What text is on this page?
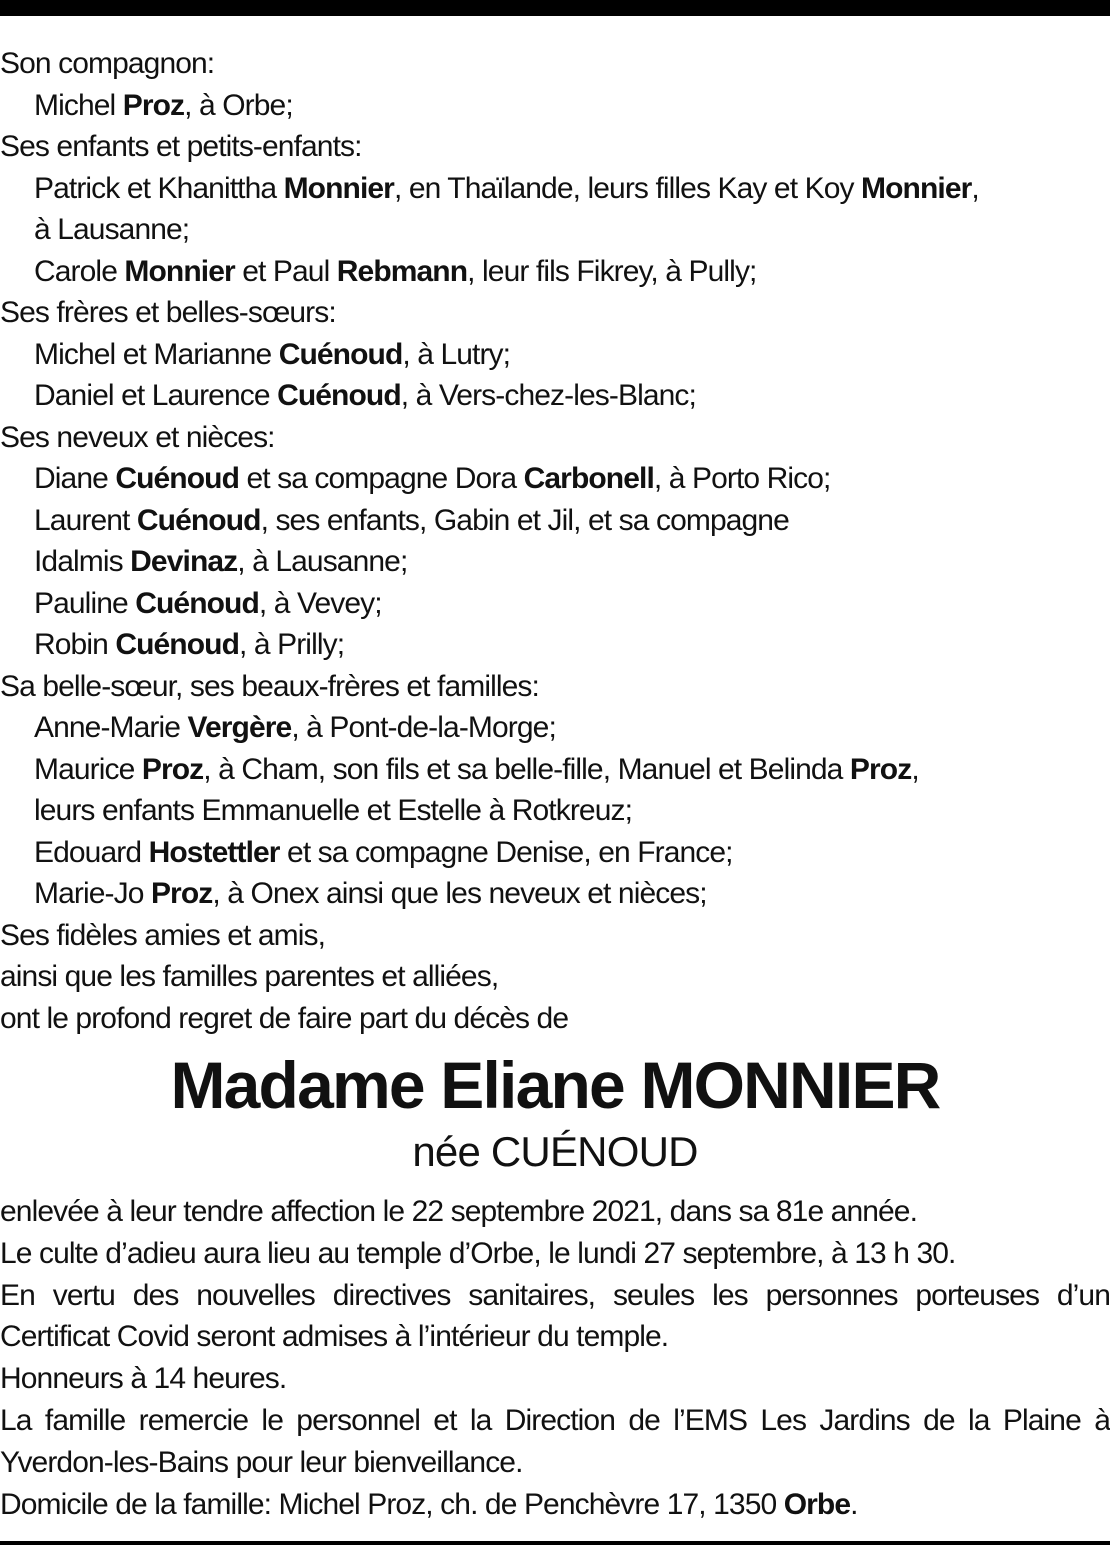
Son compagnon:

Michel Proz, à Orbe;

Ses enfants et petits-enfants:

Patrick et Khanittha Monnier, en Thaïlande, leurs filles Kay et Koy Monnier,

à Lausanne;

Carole Monnier et Paul Rebmann, leur fils Fikrey, à Pully;

Ses frères et belles-sœurs:

Michel et Marianne Cuénoud, à Lutry;

Daniel et Laurence Cuénoud, à Vers-chez-les-Blanc;

Ses neveux et nièces:

Diane Cuénoud et sa compagne Dora Carbonell, à Porto Rico;

Laurent Cuénoud, ses enfants, Gabin et Jil, et sa compagne

Idalmis Devinaz, à Lausanne;

Pauline Cuénoud, à Vevey;

Robin Cuénoud, à Prilly;

Sa belle-sœur, ses beaux-frères et familles:

Anne-Marie Vergère, à Pont-de-la-Morge;

Maurice Proz, à Cham, son fils et sa belle-fille, Manuel et Belinda Proz,

leurs enfants Emmanuelle et Estelle à Rotkreuz;

Edouard Hostettler et sa compagne Denise, en France;

Marie-Jo Proz, à Onex ainsi que les neveux et nièces;

Ses fidèles amies et amis,

ainsi que les familles parentes et alliées,

ont le profond regret de faire part du décès de

Madame Eliane MONNIER
née CUÉNOUD

enlevée à leur tendre affection le 22 septembre 2021, dans sa 81e année.

Le culte d’adieu aura lieu au temple d’Orbe, le lundi 27 septembre, à 13 h 30.

En vertu des nouvelles directives sanitaires, seules les personnes porteuses d’un Certificat Covid seront admises à l’intérieur du temple.

Honneurs à 14 heures.

La famille remercie le personnel et la Direction de l’EMS Les Jardins de la Plaine à Yverdon-les-Bains pour leur bienveillance.

Domicile de la famille: Michel Proz, ch. de Penchèvre 17, 1350 Orbe.
